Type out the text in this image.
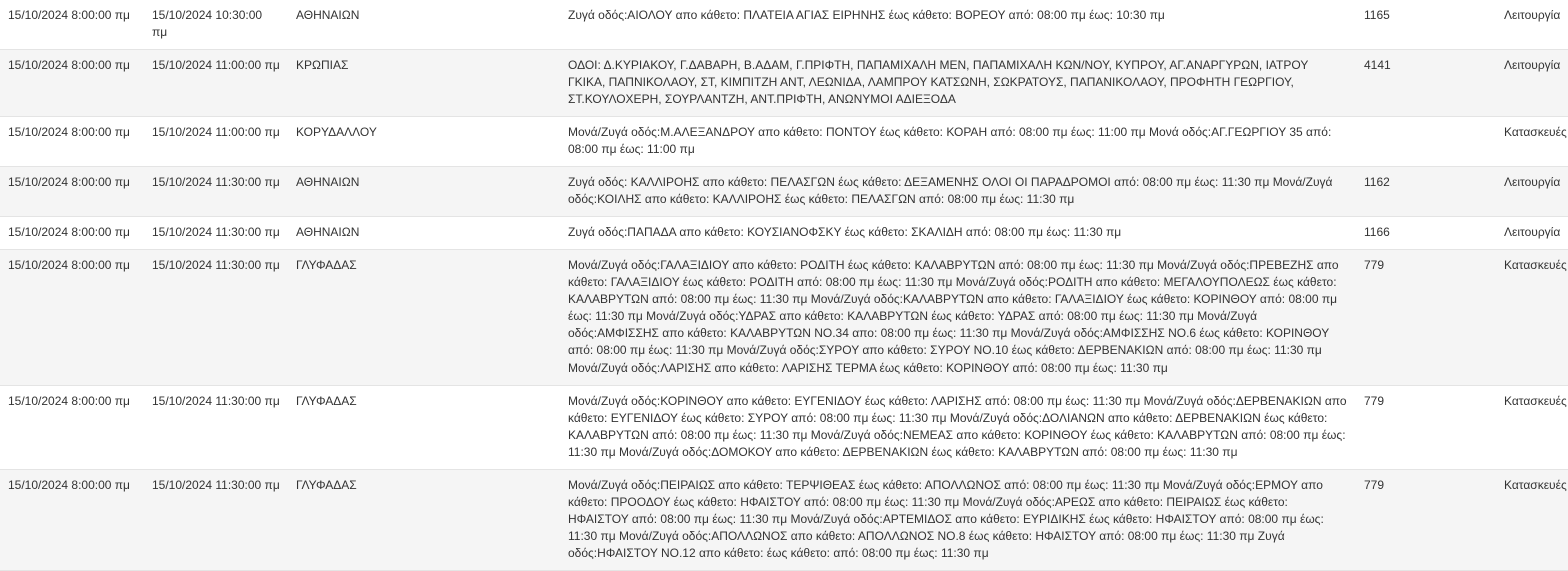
15/10/2024 8:00:00 πμ	15/10/2024 10:30:00 πμ	ΑΘΗΝΑΙΩΝ	Ζυγά οδός:ΑΙΟΛΟΥ απο κάθετο: ΠΛΑΤΕΙΑ ΑΓΙΑΣ ΕΙΡΗΝΗΣ έως κάθετο: ΒΟΡΕΟΥ από: 08:00 πμ έως: 10:30 πμ	1165	Λειτουργία
15/10/2024 8:00:00 πμ	15/10/2024 11:00:00 πμ	ΚΡΩΠΙΑΣ	ΟΔΟΙ: Δ.ΚΥΡΙΑΚΟΥ, Γ.ΔΑΒΑΡΗ, Β.ΑΔΑΜ, Γ.ΠΡΙΦΤΗ, ΠΑΠΑΜΙΧΑΛΗ ΜΕΝ, ΠΑΠΑΜΙΧΑΛΗ ΚΩΝ/ΝΟΥ, ΚΥΠΡΟΥ, ΑΓ.ΑΝΑΡΓΥΡΩΝ, ΙΑΤΡΟΥ ΓΚΙΚΑ, ΠΑΠΝΙΚΟΛΑΟΥ, ΣΤ, ΚΙΜΠΙΤΖΗ ΑΝΤ, ΛΕΩΝΙΔΑ, ΛΑΜΠΡΟΥ ΚΑΤΣΩΝΗ, ΣΩΚΡΑΤΟΥΣ, ΠΑΠΑΝΙΚΟΛΑΟΥ, ΠΡΟΦΗΤΗ ΓΕΩΡΓΙΟΥ, ΣΤ.ΚΟΥΛΟΧΕΡΗ, ΣΟΥΡΛΑΝΤΖΗ, ΑΝΤ.ΠΡΙΦΤΗ, ΑΝΩΝΥΜΟΙ ΑΔΙΕΞΟΔΑ	4141	Λειτουργία
15/10/2024 8:00:00 πμ	15/10/2024 11:00:00 πμ	ΚΟΡΥΔΑΛΛΟΥ	Μονά/Ζυγά οδός:Μ.ΑΛΕΞΑΝΔΡΟΥ απο κάθετο: ΠΟΝΤΟΥ έως κάθετο: ΚΟΡΑΗ από: 08:00 πμ έως: 11:00 πμ Μονά οδός:ΑΓ.ΓΕΩΡΓΙΟΥ 35 από: 08:00 πμ έως: 11:00 πμ		Κατασκευές
15/10/2024 8:00:00 πμ	15/10/2024 11:30:00 πμ	ΑΘΗΝΑΙΩΝ	Ζυγά οδός: ΚΑΛΛΙΡΟΗΣ απο κάθετο: ΠΕΛΑΣΓΩΝ έως κάθετο: ΔΕΞΑΜΕΝΗΣ ΟΛΟΙ ΟΙ ΠΑΡΑΔΡΟΜΟΙ από: 08:00 πμ έως: 11:30 πμ Μονά/Ζυγά οδός:ΚΟΙΛΗΣ απο κάθετο: ΚΑΛΛΙΡΟΗΣ έως κάθετο: ΠΕΛΑΣΓΩΝ από: 08:00 πμ έως: 11:30 πμ	1162	Λειτουργία
15/10/2024 8:00:00 πμ	15/10/2024 11:30:00 πμ	ΑΘΗΝΑΙΩΝ	Ζυγά οδός:ΠΑΠΑΔΑ απο κάθετο: ΚΟΥΣΙΑΝΟΦΣΚΥ έως κάθετο: ΣΚΑΛΙΔΗ από: 08:00 πμ έως: 11:30 πμ	1166	Λειτουργία
15/10/2024 8:00:00 πμ	15/10/2024 11:30:00 πμ	ΓΛΥΦΑΔΑΣ	Μονά/Ζυγά οδός:ΓΑΛΑΞΙΔΙΟΥ απο κάθετο: ΡΟΔΙΤΗ έως κάθετο: ΚΑΛΑΒΡΥΤΩΝ από: 08:00 πμ έως: 11:30 πμ Μονά/Ζυγά οδός:ΠΡΕΒΕΖΗΣ απο κάθετο: ΓΑΛΑΞΙΔΙΟΥ έως κάθετο: ΡΟΔΙΤΗ από: 08:00 πμ έως: 11:30 πμ Μονά/Ζυγά οδός:ΡΟΔΙΤΗ απο κάθετο: ΜΕΓΑΛΟΥΠΟΛΕΩΣ έως κάθετο: ΚΑΛΑΒΡΥΤΩΝ από: 08:00 πμ έως: 11:30 πμ Μονά/Ζυγά οδός:ΚΑΛΑΒΡΥΤΩΝ απο κάθετο: ΓΑΛΑΞΙΔΙΟΥ έως κάθετο: ΚΟΡΙΝΘΟΥ από: 08:00 πμ έως: 11:30 πμ Μονά/Ζυγά οδός:ΥΔΡΑΣ απο κάθετο: ΚΑΛΑΒΡΥΤΩΝ έως κάθετο: ΥΔΡΑΣ από: 08:00 πμ έως: 11:30 πμ Μονά/Ζυγά οδός:ΑΜΦΙΣΣΗΣ απο κάθετο: ΚΑΛΑΒΡΥΤΩΝ ΝΟ.34 απο: 08:00 πμ έως: 11:30 πμ Μονά/Ζυγά οδός:ΑΜΦΙΣΣΗΣ ΝΟ.6 έως κάθετο: ΚΟΡΙΝΘΟΥ από: 08:00 πμ έως: 11:30 πμ Μονά/Ζυγά οδός:ΣΥΡΟΥ απο κάθετο: ΣΥΡΟΥ ΝΟ.10 έως κάθετο: ΔΕΡΒΕΝΑΚΙΩΝ από: 08:00 πμ έως: 11:30 πμ Μονά/Ζυγά οδός:ΛΑΡΙΣΗΣ απο κάθετο: ΛΑΡΙΣΗΣ ΤΕΡΜΑ έως κάθετο: ΚΟΡΙΝΘΟΥ από: 08:00 πμ έως: 11:30 πμ	779	Κατασκευές
15/10/2024 8:00:00 πμ	15/10/2024 11:30:00 πμ	ΓΛΥΦΑΔΑΣ	Μονά/Ζυγά οδός:ΚΟΡΙΝΘΟΥ απο κάθετο: ΕΥΓΕΝΙΔΟΥ έως κάθετο: ΛΑΡΙΣΗΣ από: 08:00 πμ έως: 11:30 πμ Μονά/Ζυγά οδός:ΔΕΡΒΕΝΑΚΙΩΝ απο κάθετο: ΕΥΓΕΝΙΔΟΥ έως κάθετο: ΣΥΡΟΥ από: 08:00 πμ έως: 11:30 πμ Μονά/Ζυγά οδός:ΔΟΛΙΑΝΩΝ απο κάθετο: ΔΕΡΒΕΝΑΚΙΩΝ έως κάθετο: ΚΑΛΑΒΡΥΤΩΝ από: 08:00 πμ έως: 11:30 πμ Μονά/Ζυγά οδός:ΝΕΜΕΑΣ απο κάθετο: ΚΟΡΙΝΘΟΥ έως κάθετο: ΚΑΛΑΒΡΥΤΩΝ από: 08:00 πμ έως: 11:30 πμ Μονά/Ζυγά οδός:ΔΟΜΟΚΟΥ απο κάθετο: ΔΕΡΒΕΝΑΚΙΩΝ έως κάθετο: ΚΑΛΑΒΡΥΤΩΝ από: 08:00 πμ έως: 11:30 πμ	779	Κατασκευές
15/10/2024 8:00:00 πμ	15/10/2024 11:30:00 πμ	ΓΛΥΦΑΔΑΣ	Μονά/Ζυγά οδός:ΠΕΙΡΑΙΩΣ απο κάθετο: ΤΕΡΨΙΘΕΑΣ έως κάθετο: ΑΠΟΛΛΩΝΟΣ από: 08:00 πμ έως: 11:30 πμ Μονά/Ζυγά οδός:ΕΡΜΟΥ απο κάθετο: ΠΡΟΟΔΟΥ έως κάθετο: ΗΦΑΙΣΤΟΥ από: 08:00 πμ έως: 11:30 πμ Μονά/Ζυγά οδός:ΑΡΕΩΣ απο κάθετο: ΠΕΙΡΑΙΩΣ έως κάθετο: ΗΦΑΙΣΤΟΥ από: 08:00 πμ έως: 11:30 πμ Μονά/Ζυγά οδός:ΑΡΤΕΜΙΔΟΣ απο κάθετο: ΕΥΡΙΔΙΚΗΣ έως κάθετο: ΗΦΑΙΣΤΟΥ από: 08:00 πμ έως: 11:30 πμ Μονά/Ζυγά οδός:ΑΠΟΛΛΩΝΟΣ απο κάθετο: ΑΠΟΛΛΩΝΟΣ ΝΟ.8 έως κάθετο: ΗΦΑΙΣΤΟΥ από: 08:00 πμ έως: 11:30 πμ Ζυγά οδός:ΗΦΑΙΣΤΟΥ ΝΟ.12 απο κάθετο: έως κάθετο: από: 08:00 πμ έως: 11:30 πμ	779	Κατασκευές
